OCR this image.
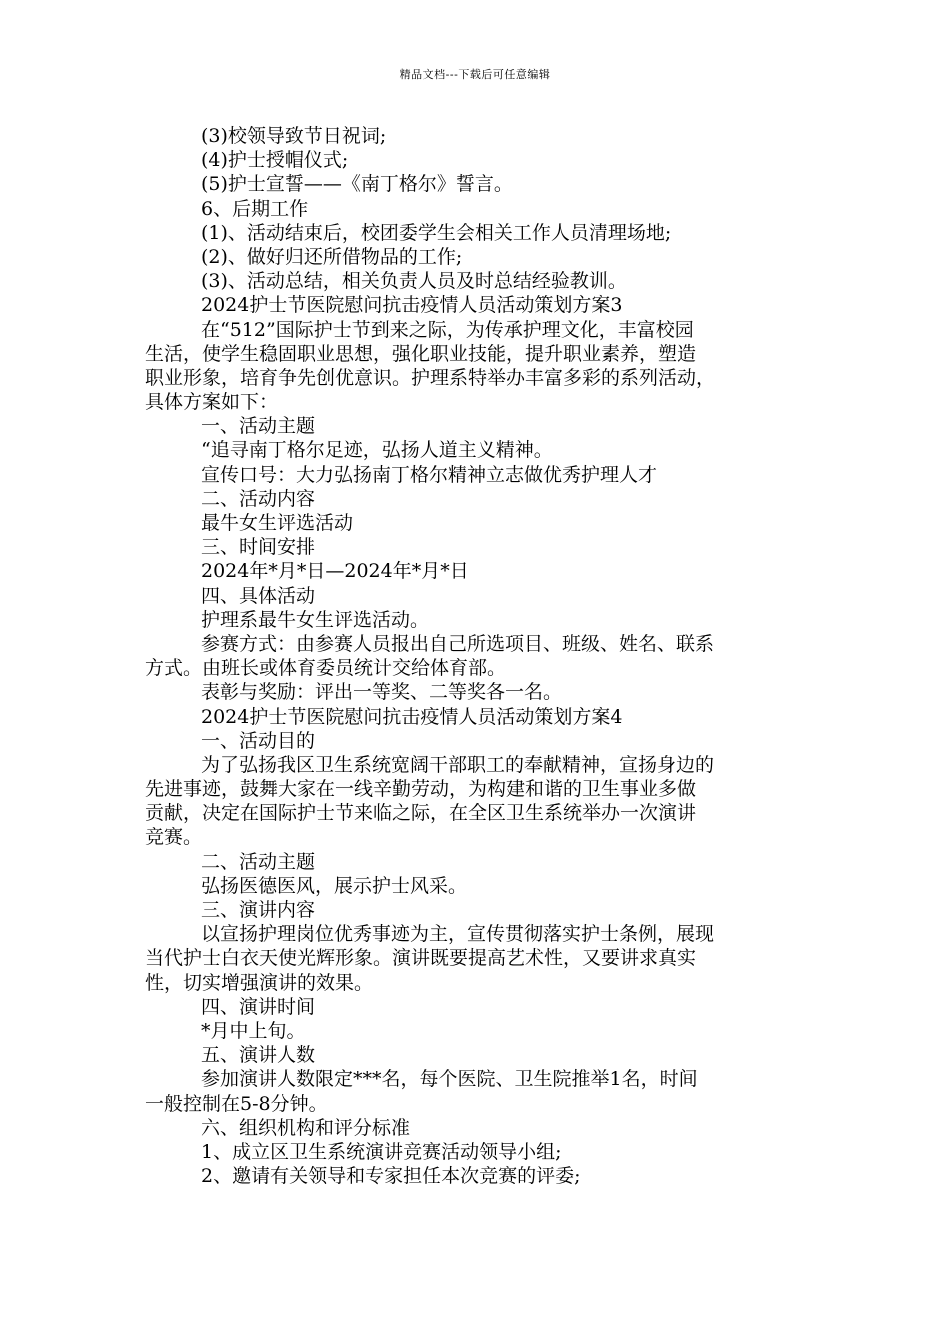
精品文档---下载后可任意编辑
(3)校领导致节日祝词;
(4)护士授帽仪式;
(5)护士宣誓——《南丁格尔》誓言。
6、后期工作
(1)、活动结束后，校团委学生会相关工作人员清理场地;
(2)、做好归还所借物品的工作;
(3)、活动总结，相关负责人员及时总结经验教训。
2024护士节医院慰问抗击疫情人员活动策划方案3
在“512”国际护士节到来之际，为传承护理文化，丰富校园
生活，使学生稳固职业思想，强化职业技能，提升职业素养，塑造
职业形象，培育争先创优意识。护理系特举办丰富多彩的系列活动，
具体方案如下：
一、活动主题
“追寻南丁格尔足迹，弘扬人道主义精神。
宣传口号：大力弘扬南丁格尔精神立志做优秀护理人才
二、活动内容
最牛女生评选活动
三、时间安排
2024年*月*日—2024年*月*日
四、具体活动
护理系最牛女生评选活动。
参赛方式：由参赛人员报出自己所选项目、班级、姓名、联系
方式。由班长或体育委员统计交给体育部。
表彰与奖励：评出一等奖、二等奖各一名。
2024护士节医院慰问抗击疫情人员活动策划方案4
一、活动目的
为了弘扬我区卫生系统宽阔干部职工的奉献精神，宣扬身边的
先进事迹，鼓舞大家在一线辛勤劳动，为构建和谐的卫生事业多做
贡献，决定在国际护士节来临之际，在全区卫生系统举办一次演讲
竞赛。
二、活动主题
弘扬医德医风，展示护士风采。
三、演讲内容
以宣扬护理岗位优秀事迹为主，宣传贯彻落实护士条例，展现
当代护士白衣天使光辉形象。演讲既要提高艺术性，又要讲求真实
性，切实增强演讲的效果。
四、演讲时间
*月中上旬。
五、演讲人数
参加演讲人数限定***名，每个医院、卫生院推举1名，时间
一般控制在5-8分钟。
六、组织机构和评分标准
1、成立区卫生系统演讲竞赛活动领导小组;
2、邀请有关领导和专家担任本次竞赛的评委;
